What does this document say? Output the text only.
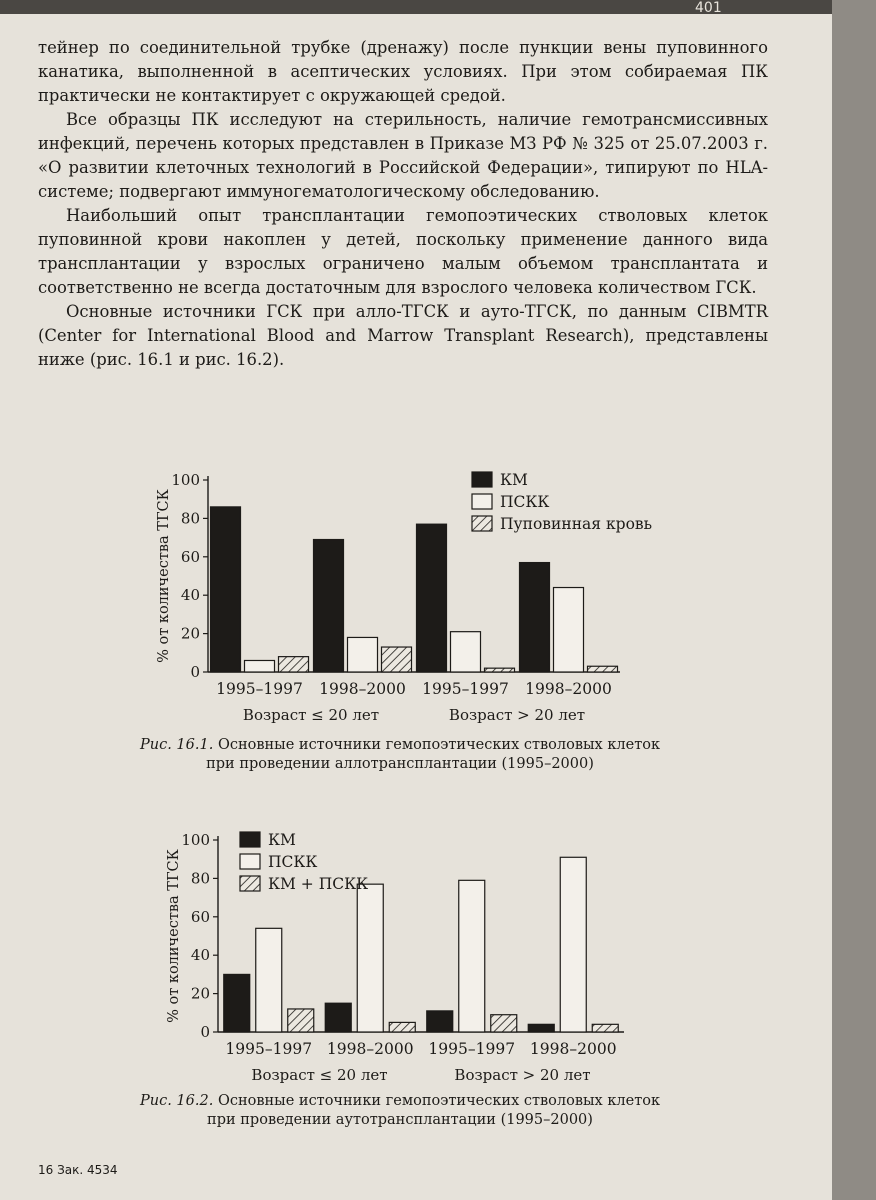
401

тейнер по соединительной трубке (дренажу) после пункции вены пуповинного канатика, выполненной в асептических условиях. При этом собираемая ПК практически не контактирует с окружающей средой.

Все образцы ПК исследуют на стерильность, наличие гемотрансмиссивных инфекций, перечень которых представлен в Приказе МЗ РФ № 325 от 25.07.2003 г. «О развитии клеточных технологий в Российской Федерации», типируют по HLA-системе; подвергают иммуногематологическому обследованию.

Наибольший опыт трансплантации гемопоэтических стволовых клеток пуповинной крови накоплен у детей, поскольку применение данного вида трансплантации у взрослых ограничено малым объемом трансплантата и соответственно не всегда достаточным для взрослого человека количеством ГСК.

Основные источники ГСК при алло-ТГСК и ауто-ТГСК, по данным CIBMTR (Center for International Blood and Marrow Transplant Research), представлены ниже (рис. 16.1 и рис. 16.2).

0
20
40
60
80
100
% от количества ТГСК
1995–1997 1998–2000 1995–1997 1998–2000
Возраст ≤ 20 лет	Возраст > 20 лет
КМ
ПСКК
Пуповинная кровь
Рис. 16.1. Основные источники гемопоэтических стволовых клеток
при проведении аллотрансплантации (1995–2000)
0
20
40
60
80
100
% от количества ТГСК
1995–1997 1998–2000 1995–1997 1998–2000
Возраст ≤ 20 лет	Возраст > 20 лет
КМ
ПСКК
КМ + ПСКК
Рис. 16.2. Основные источники гемопоэтических стволовых клеток
при проведении аутотрансплантации (1995–2000)
16 Зак. 4534
